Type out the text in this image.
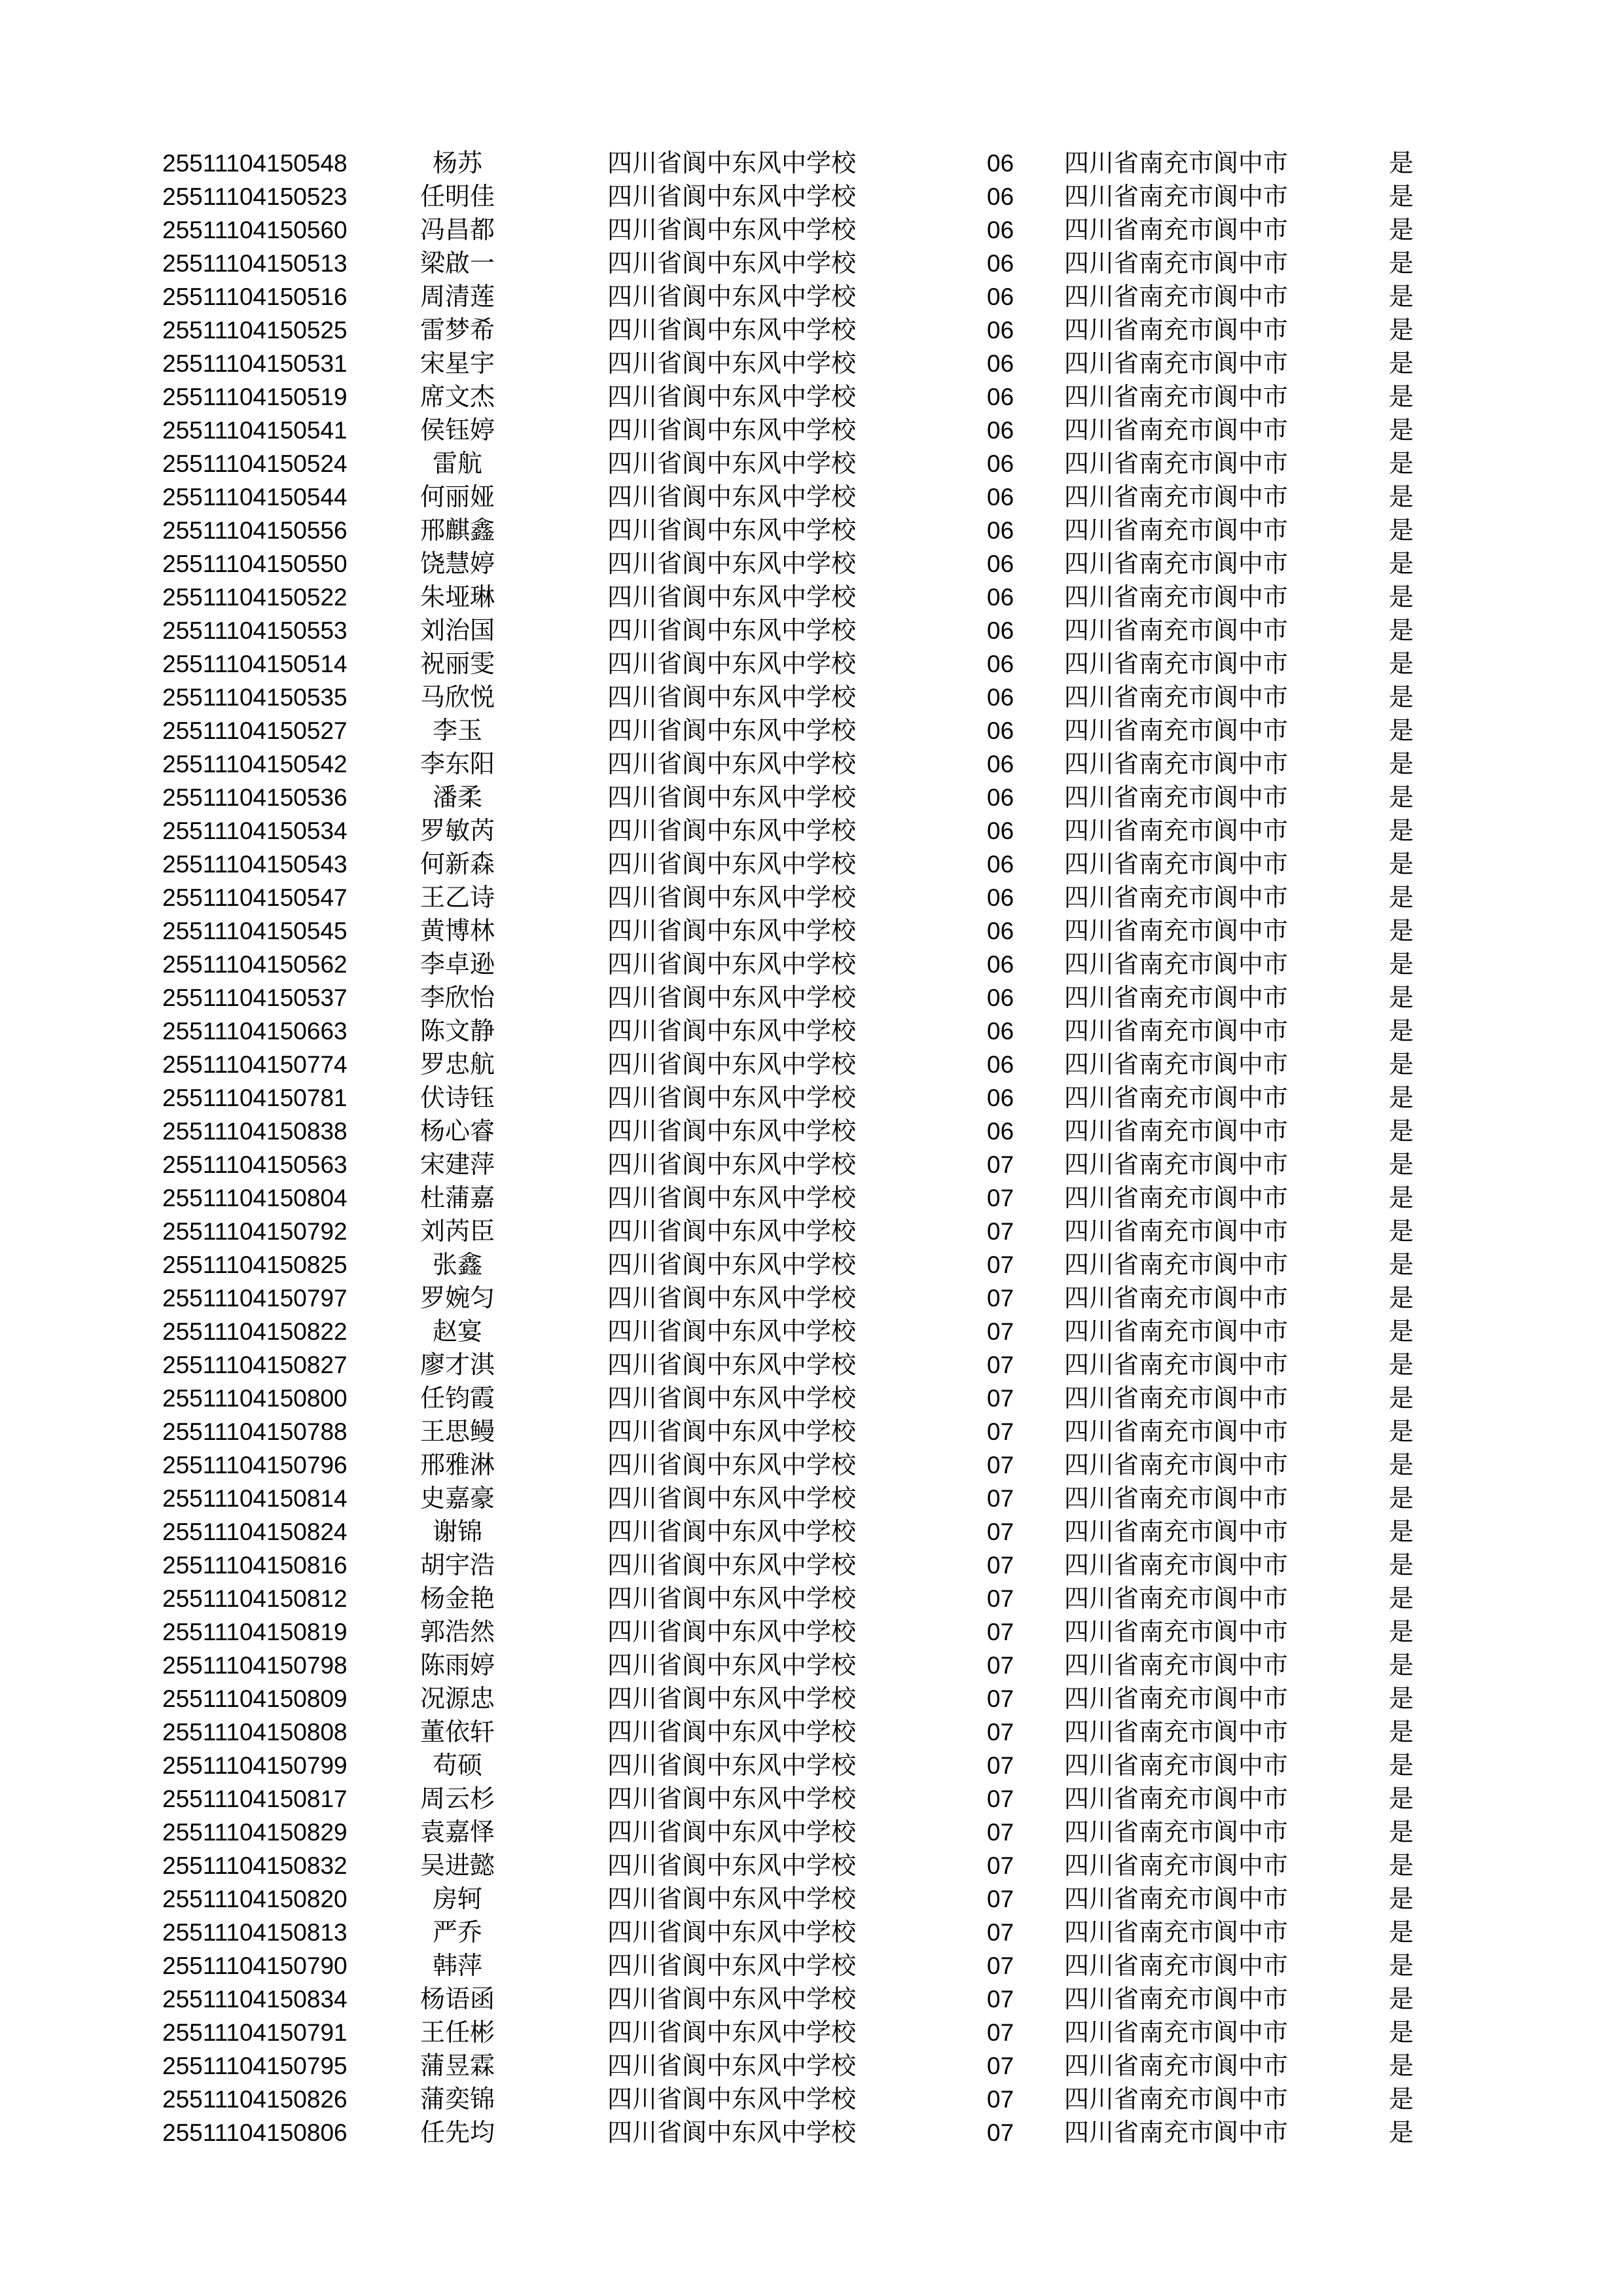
25511104150548	杨苏	四川省阆中东风中学校	06 四川省南充市阆中市	是
25511104150523	任明佳	四川省阆中东风中学校	06 四川省南充市阆中市	是
25511104150560	冯昌都	四川省阆中东风中学校	06 四川省南充市阆中市	是
25511104150513	梁啟一	四川省阆中东风中学校	06 四川省南充市阆中市	是
25511104150516	周清莲	四川省阆中东风中学校	06 四川省南充市阆中市	是
25511104150525	雷梦希	四川省阆中东风中学校	06 四川省南充市阆中市	是
25511104150531	宋星宇	四川省阆中东风中学校	06 四川省南充市阆中市	是
25511104150519	席文杰	四川省阆中东风中学校	06 四川省南充市阆中市	是
25511104150541	侯钰婷	四川省阆中东风中学校	06 四川省南充市阆中市	是
25511104150524	雷航	四川省阆中东风中学校	06 四川省南充市阆中市	是
25511104150544	何丽娅	四川省阆中东风中学校	06 四川省南充市阆中市	是
25511104150556	邢麒鑫	四川省阆中东风中学校	06 四川省南充市阆中市	是
25511104150550	饶慧婷	四川省阆中东风中学校	06 四川省南充市阆中市	是
25511104150522	朱垭琳	四川省阆中东风中学校	06 四川省南充市阆中市	是
25511104150553	刘治国	四川省阆中东风中学校	06 四川省南充市阆中市	是
25511104150514	祝丽雯	四川省阆中东风中学校	06 四川省南充市阆中市	是
25511104150535	马欣悦	四川省阆中东风中学校	06 四川省南充市阆中市	是
25511104150527	李玉	四川省阆中东风中学校	06 四川省南充市阆中市	是
25511104150542	李东阳	四川省阆中东风中学校	06 四川省南充市阆中市	是
25511104150536	潘柔	四川省阆中东风中学校	06 四川省南充市阆中市	是
25511104150534	罗敏芮	四川省阆中东风中学校	06 四川省南充市阆中市	是
25511104150543	何新森	四川省阆中东风中学校	06 四川省南充市阆中市	是
25511104150547	王乙诗	四川省阆中东风中学校	06 四川省南充市阆中市	是
25511104150545	黄博林	四川省阆中东风中学校	06 四川省南充市阆中市	是
25511104150562	李卓逊	四川省阆中东风中学校	06 四川省南充市阆中市	是
25511104150537	李欣怡	四川省阆中东风中学校	06 四川省南充市阆中市	是
25511104150663	陈文静	四川省阆中东风中学校	06 四川省南充市阆中市	是
25511104150774	罗忠航	四川省阆中东风中学校	06 四川省南充市阆中市	是
25511104150781	伏诗钰	四川省阆中东风中学校	06 四川省南充市阆中市	是
25511104150838	杨心睿	四川省阆中东风中学校	06 四川省南充市阆中市	是
25511104150563	宋建萍	四川省阆中东风中学校	07 四川省南充市阆中市	是
25511104150804	杜蒲嘉	四川省阆中东风中学校	07 四川省南充市阆中市	是
25511104150792	刘芮臣	四川省阆中东风中学校	07 四川省南充市阆中市	是
25511104150825	张鑫	四川省阆中东风中学校	07 四川省南充市阆中市	是
25511104150797	罗婉匀	四川省阆中东风中学校	07 四川省南充市阆中市	是
25511104150822	赵宴	四川省阆中东风中学校	07 四川省南充市阆中市	是
25511104150827	廖才淇	四川省阆中东风中学校	07 四川省南充市阆中市	是
25511104150800	任钧霞	四川省阆中东风中学校	07 四川省南充市阆中市	是
25511104150788	王思鳗	四川省阆中东风中学校	07 四川省南充市阆中市	是
25511104150796	邢雅淋	四川省阆中东风中学校	07 四川省南充市阆中市	是
25511104150814	史嘉豪	四川省阆中东风中学校	07 四川省南充市阆中市	是
25511104150824	谢锦	四川省阆中东风中学校	07 四川省南充市阆中市	是
25511104150816	胡宇浩	四川省阆中东风中学校	07 四川省南充市阆中市	是
25511104150812	杨金艳	四川省阆中东风中学校	07 四川省南充市阆中市	是
25511104150819	郭浩然	四川省阆中东风中学校	07 四川省南充市阆中市	是
25511104150798	陈雨婷	四川省阆中东风中学校	07 四川省南充市阆中市	是
25511104150809	况源忠	四川省阆中东风中学校	07 四川省南充市阆中市	是
25511104150808	董依轩	四川省阆中东风中学校	07 四川省南充市阆中市	是
25511104150799	苟硕	四川省阆中东风中学校	07 四川省南充市阆中市	是
25511104150817	周云杉	四川省阆中东风中学校	07 四川省南充市阆中市	是
25511104150829	袁嘉怿	四川省阆中东风中学校	07 四川省南充市阆中市	是
25511104150832	吴进懿	四川省阆中东风中学校	07 四川省南充市阆中市	是
25511104150820	房轲	四川省阆中东风中学校	07 四川省南充市阆中市	是
25511104150813	严乔	四川省阆中东风中学校	07 四川省南充市阆中市	是
25511104150790	韩萍	四川省阆中东风中学校	07 四川省南充市阆中市	是
25511104150834	杨语函	四川省阆中东风中学校	07 四川省南充市阆中市	是
25511104150791	王任彬	四川省阆中东风中学校	07 四川省南充市阆中市	是
25511104150795	蒲昱霖	四川省阆中东风中学校	07 四川省南充市阆中市	是
25511104150826	蒲奕锦	四川省阆中东风中学校	07 四川省南充市阆中市	是
25511104150806	任先均	四川省阆中东风中学校	07 四川省南充市阆中市	是
